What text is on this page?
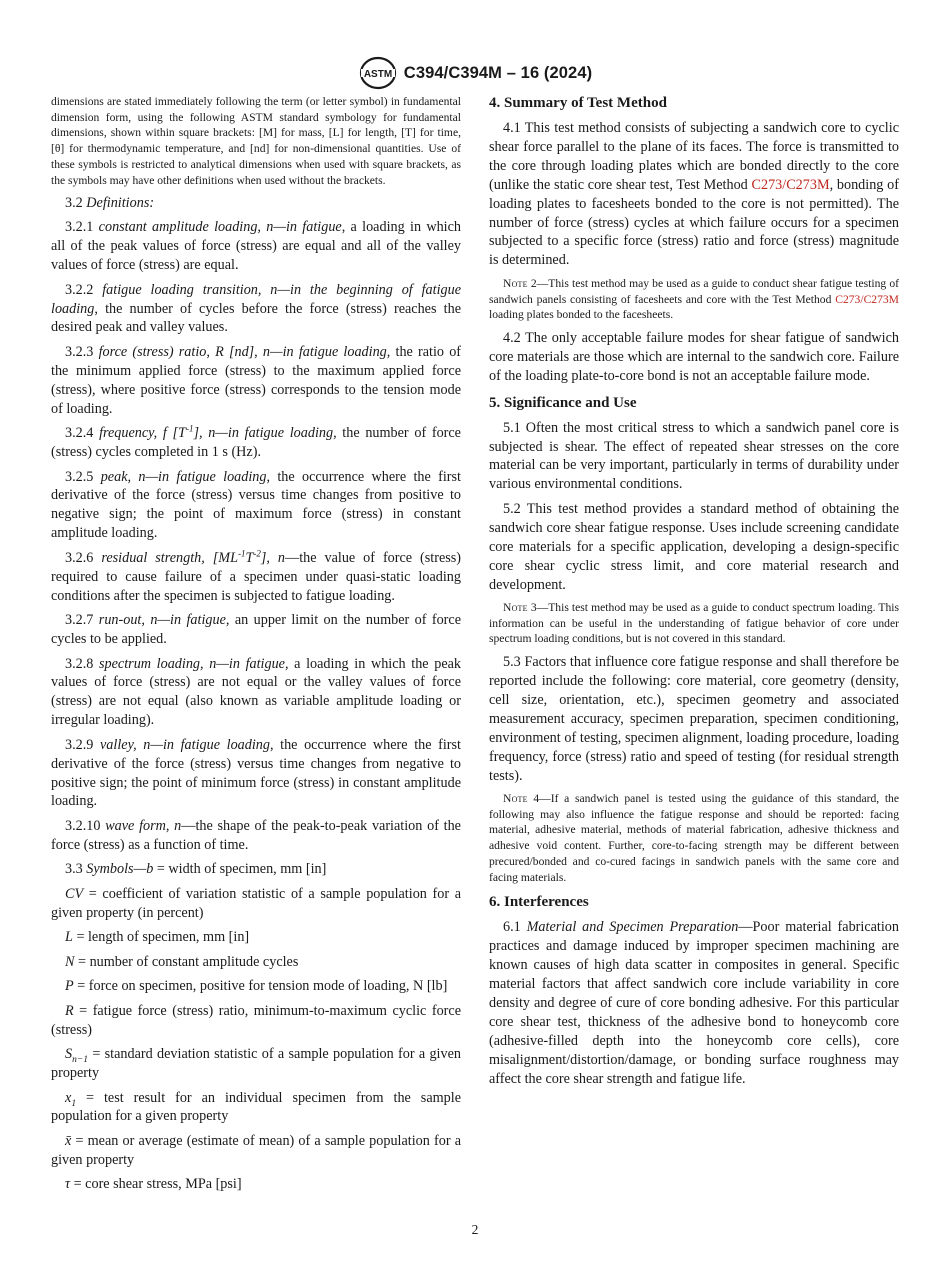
ASTM C394/C394M – 16 (2024)

dimensions are stated immediately following the term (or letter symbol) in fundamental dimension form, using the following ASTM standard symbology for fundamental dimensions, shown within square brackets: [M] for mass, [L] for length, [T] for time, [θ] for thermodynamic temperature, and [nd] for non-dimensional quantities. Use of these symbols is restricted to analytical dimensions when used with square brackets, as the symbols may have other definitions when used without the brackets.

3.2 Definitions:

3.2.1 constant amplitude loading, n—in fatigue, a loading in which all of the peak values of force (stress) are equal and all of the valley values of force (stress) are equal.

3.2.2 fatigue loading transition, n—in the beginning of fatigue loading, the number of cycles before the force (stress) reaches the desired peak and valley values.

3.2.3 force (stress) ratio, R [nd], n—in fatigue loading, the ratio of the minimum applied force (stress) to the maximum applied force (stress), where positive force (stress) corresponds to the tension mode of loading.

3.2.4 frequency, f $[T^{-1}]$, n—in fatigue loading, the number of force (stress) cycles completed in 1 s (Hz).

3.2.5 peak, n—in fatigue loading, the occurrence where the first derivative of the force (stress) versus time changes from positive to negative sign; the point of maximum force (stress) in constant amplitude loading.

3.2.6 residual strength, $[ML^{-1}T^{-2}]$, n—the value of force (stress) required to cause failure of a specimen under quasi-static loading conditions after the specimen is subjected to fatigue loading.

3.2.7 run-out, n—in fatigue, an upper limit on the number of force cycles to be applied.

3.2.8 spectrum loading, n—in fatigue, a loading in which the peak values of force (stress) are not equal or the valley values of force (stress) are not equal (also known as variable amplitude loading or irregular loading).

3.2.9 valley, n—in fatigue loading, the occurrence where the first derivative of the force (stress) versus time changes from negative to positive sign; the point of minimum force (stress) in constant amplitude loading.

3.2.10 wave form, n—the shape of the peak-to-peak variation of the force (stress) as a function of time.

3.3 Symbols—b = width of specimen, mm [in]

CV = coefficient of variation statistic of a sample population for a given property (in percent)

L = length of specimen, mm [in]

N = number of constant amplitude cycles

P = force on specimen, positive for tension mode of loading, N [lb]

R = fatigue force (stress) ratio, minimum-to-maximum cyclic force (stress)

$S_{n-1}$ = standard deviation statistic of a sample population for a given property

$x_1$ = test result for an individual specimen from the sample population for a given property

x̄ = mean or average (estimate of mean) of a sample population for a given property

τ = core shear stress, MPa [psi]

4. Summary of Test Method

4.1 This test method consists of subjecting a sandwich core to cyclic shear force parallel to the plane of its faces. The force is transmitted to the core through loading plates which are bonded directly to the core (unlike the static core shear test, Test Method C273/C273M, bonding of loading plates to facesheets bonded to the core is not permitted). The number of force (stress) cycles at which failure occurs for a specimen subjected to a specific force (stress) ratio and force (stress) magnitude is determined.

Note 2—This test method may be used as a guide to conduct shear fatigue testing of sandwich panels consisting of facesheets and core with the Test Method C273/C273M loading plates bonded to the facesheets.

4.2 The only acceptable failure modes for shear fatigue of sandwich core materials are those which are internal to the sandwich core. Failure of the loading plate-to-core bond is not an acceptable failure mode.

5. Significance and Use

5.1 Often the most critical stress to which a sandwich panel core is subjected is shear. The effect of repeated shear stresses on the core material can be very important, particularly in terms of durability under various environmental conditions.

5.2 This test method provides a standard method of obtaining the sandwich core shear fatigue response. Uses include screening candidate core materials for a specific application, developing a design-specific core shear cyclic stress limit, and core material research and development.

Note 3—This test method may be used as a guide to conduct spectrum loading. This information can be useful in the understanding of fatigue behavior of core under spectrum loading conditions, but is not covered in this standard.

5.3 Factors that influence core fatigue response and shall therefore be reported include the following: core material, core geometry (density, cell size, orientation, etc.), specimen geometry and associated measurement accuracy, specimen preparation, specimen conditioning, environment of testing, specimen alignment, loading procedure, loading frequency, force (stress) ratio and speed of testing (for residual strength tests).

Note 4—If a sandwich panel is tested using the guidance of this standard, the following may also influence the fatigue response and should be reported: facing material, adhesive material, methods of material fabrication, adhesive thickness and adhesive void content. Further, core-to-facing strength may be different between precured/bonded and co-cured facings in sandwich panels with the same core and facing materials.

6. Interferences

6.1 Material and Specimen Preparation—Poor material fabrication practices and damage induced by improper specimen machining are known causes of high data scatter in composites in general. Specific material factors that affect sandwich core include variability in core density and degree of cure of core bonding adhesive. For this particular core shear test, thickness of the adhesive bond to honeycomb core (adhesive-filled depth into the honeycomb core cells), core misalignment/distortion/damage, or bonding surface roughness may affect the core shear strength and fatigue life.

2
